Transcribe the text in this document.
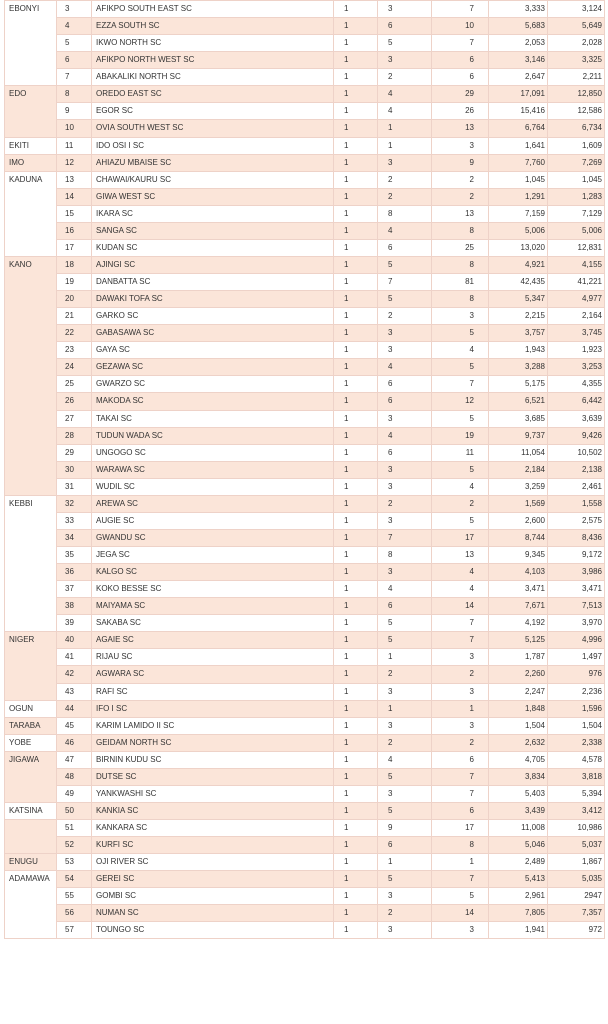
EBONYI	3	AFIKPO SOUTH EAST SC	1	3	7	3,333	3,124
	4	EZZA SOUTH SC	1	6	10	5,683	5,649
	5	IKWO NORTH SC	1	5	7	2,053	2,028
	6	AFIKPO NORTH WEST SC	1	3	6	3,146	3,325
	7	ABAKALIKI NORTH SC	1	2	6	2,647	2,211
EDO	8	OREDO EAST SC	1	4	29	17,091	12,850
	9	EGOR SC	1	4	26	15,416	12,586
	10	OVIA SOUTH WEST SC	1	1	13	6,764	6,734
EKITI	11	IDO OSI I SC	1	1	3	1,641	1,609
IMO	12	AHIAZU MBAISE SC	1	3	9	7,760	7,269
KADUNA	13	CHAWAI/KAURU SC	1	2	2	1,045	1,045
	14	GIWA WEST SC	1	2	2	1,291	1,283
	15	IKARA SC	1	8	13	7,159	7,129
	16	SANGA SC	1	4	8	5,006	5,006
	17	KUDAN SC	1	6	25	13,020	12,831
KANO	18	AJINGI SC	1	5	8	4,921	4,155
	19	DANBATTA SC	1	7	81	42,435	41,221
	20	DAWAKI TOFA SC	1	5	8	5,347	4,977
	21	GARKO SC	1	2	3	2,215	2,164
	22	GABASAWA SC	1	3	5	3,757	3,745
	23	GAYA SC	1	3	4	1,943	1,923
	24	GEZAWA SC	1	4	5	3,288	3,253
	25	GWARZO SC	1	6	7	5,175	4,355
	26	MAKODA SC	1	6	12	6,521	6,442
	27	TAKAI SC	1	3	5	3,685	3,639
	28	TUDUN WADA SC	1	4	19	9,737	9,426
	29	UNGOGO SC	1	6	11	11,054	10,502
	30	WARAWA SC	1	3	5	2,184	2,138
	31	WUDIL SC	1	3	4	3,259	2,461
KEBBI	32	AREWA SC	1	2	2	1,569	1,558
	33	AUGIE SC	1	3	5	2,600	2,575
	34	GWANDU SC	1	7	17	8,744	8,436
	35	JEGA SC	1	8	13	9,345	9,172
	36	KALGO SC	1	3	4	4,103	3,986
	37	KOKO BESSE SC	1	4	4	3,471	3,471
	38	MAIYAMA SC	1	6	14	7,671	7,513
	39	SAKABA SC	1	5	7	4,192	3,970
NIGER	40	AGAIE SC	1	5	7	5,125	4,996
	41	RIJAU SC	1	1	3	1,787	1,497
	42	AGWARA SC	1	2	2	2,260	976
	43	RAFI SC	1	3	3	2,247	2,236
OGUN	44	IFO I SC	1	1	1	1,848	1,596
TARABA	45	KARIM LAMIDO II SC	1	3	3	1,504	1,504
YOBE	46	GEIDAM NORTH SC	1	2	2	2,632	2,338
JIGAWA	47	BIRNIN KUDU SC	1	4	6	4,705	4,578
	48	DUTSE SC	1	5	7	3,834	3,818
	49	YANKWASHI SC	1	3	7	5,403	5,394
KATSINA	50	KANKIA SC	1	5	6	3,439	3,412
	51	KANKARA SC	1	9	17	11,008	10,986
	52	KURFI SC	1	6	8	5,046	5,037
ENUGU	53	OJI RIVER SC	1	1	1	2,489	1,867
ADAMAWA	54	GEREI SC	1	5	7	5,413	5,035
	55	GOMBI SC	1	3	5	2,961	2947
	56	NUMAN SC	1	2	14	7,805	7,357
	57	TOUNGO SC	1	3	3	1,941	972
